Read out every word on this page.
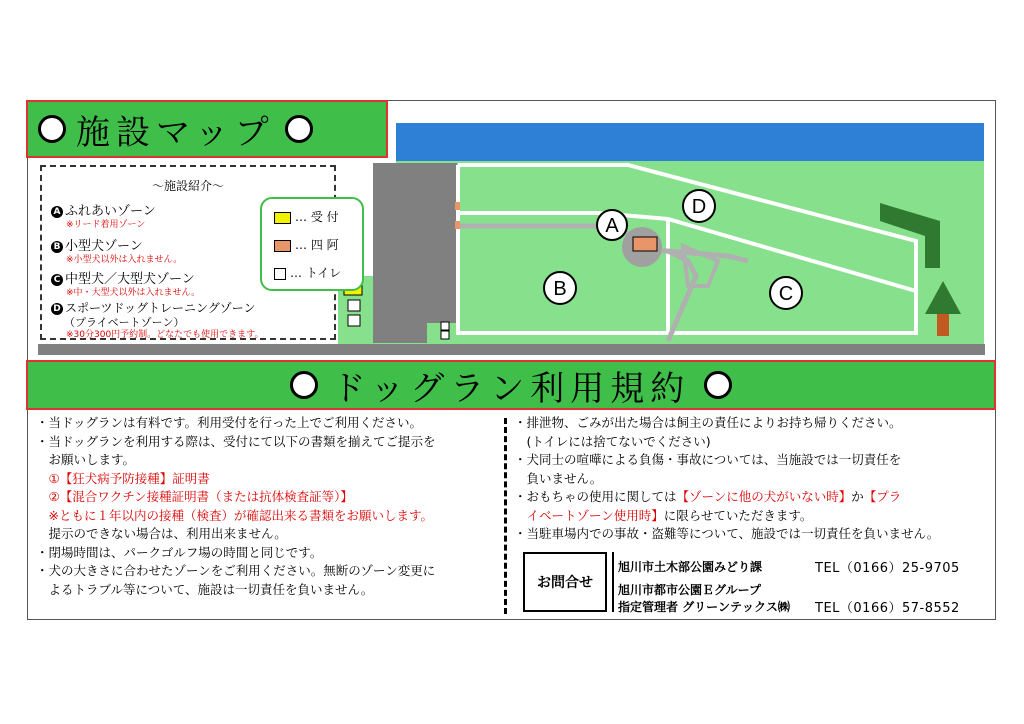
A
B	C
D
施設マップ
〜施設紹介〜
A ふれあいゾーン
※リード着用ゾーン
B 小型犬ゾーン
※小型犬以外は入れません。
C 中型犬／大型犬ゾーン
※中・大型犬以外は入れません。
D スポーツドッグトレーニングゾーン
（プライベートゾーン）
※30分300円予約制。どなたでも使用できます。
… 受 付
… 四 阿
… トイレ
ドッグラン利用規約
・当ドッグランは有料です。利用受付を行った上でご利用ください。
・当ドッグランを利用する際は、受付にて以下の書類を揃えてご提示を
　お願いします。
　①【狂犬病予防接種】証明書
　②【混合ワクチン接種証明書（または抗体検査証等）】
　※ともに１年以内の接種（検査）が確認出来る書類をお願いします。
　提示のできない場合は、利用出来ません。
・閉場時間は、パークゴルフ場の時間と同じです。
・犬の大きさに合わせたゾーンをご利用ください。無断のゾーン変更に
　よるトラブル等について、施設は一切責任を負いません。
・排泄物、ごみが出た場合は飼主の責任によりお持ち帰りください。
　(トイレには捨てないでください)
・犬同士の喧嘩による負傷・事故については、当施設では一切責任を
　負いません。
・おもちゃの使用に関しては【ゾーンに他の犬がいない時】か【プラ
　イベートゾーン使用時】に限らせていただきます。
・当駐車場内での事故・盗難等について、施設では一切責任を負いません。
お問合せ
旭川市土木部公園みどり課	TEL（0166）25-9705
旭川市都市公園Ｅグループ
指定管理者 グリーンテックス㈱ TEL（0166）57-8552
